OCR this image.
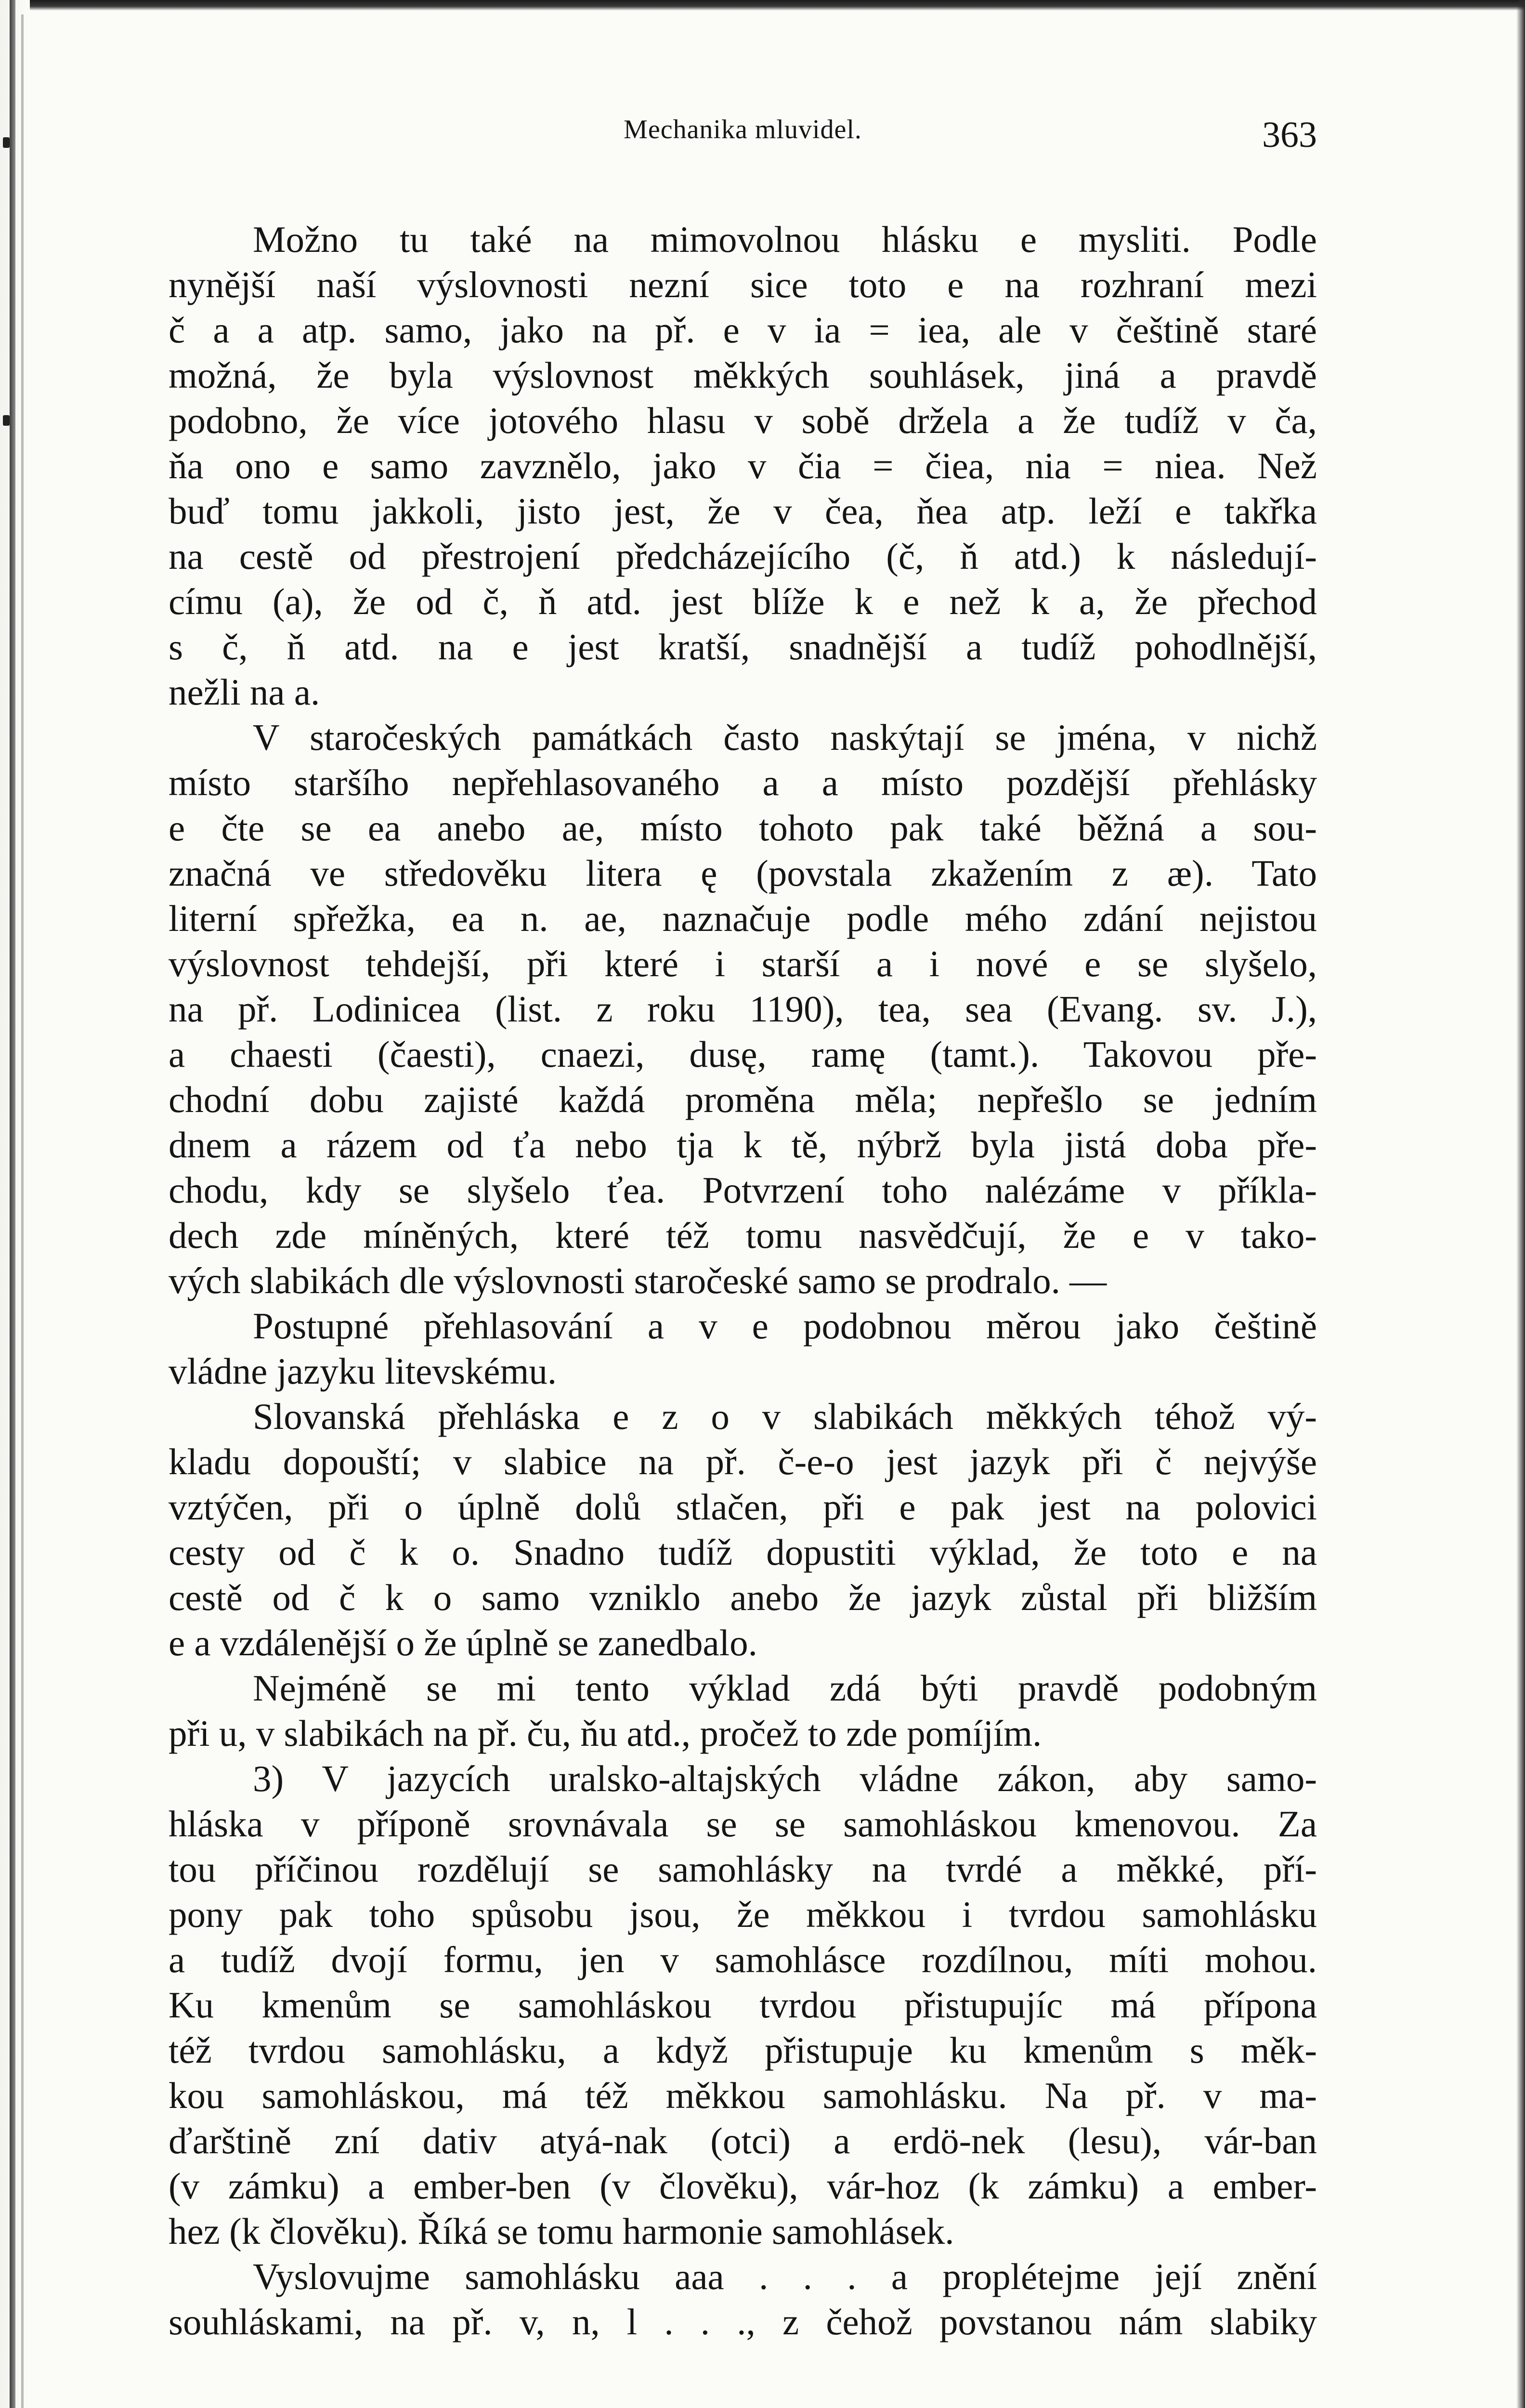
Mechanika mluvidel.	363
Možno tu také na mimovolnou hlásku e mysliti. Podle
nynější naší výslovnosti nezní sice toto e na rozhraní mezi
č a a atp. samo, jako na př. e v ia = iea, ale v češtině staré
možná, že byla výslovnost měkkých souhlásek, jiná a pravdě
podobno, že více jotového hlasu v sobě držela a že tudíž v ča,
ňa ono e samo zavznělo, jako v čia = čiea, nia = niea. Než
buď tomu jakkoli, jisto jest, že v čea, ňea atp. leží e takřka
na cestě od přestrojení předcházejícího (č, ň atd.) k následují-
címu (a), že od č, ň atd. jest blíže k e než k a, že přechod
s č, ň atd. na e jest kratší, snadnější a tudíž pohodlnější,
nežli na a.
V staročeských památkách často naskýtají se jména, v nichž
místo staršího nepřehlasovaného a a místo pozdější přehlásky
e čte se ea anebo ae, místo tohoto pak také běžná a sou-
značná ve středověku litera ę (povstala zkažením z æ). Tato
literní spřežka, ea n. ae, naznačuje podle mého zdání nejistou
výslovnost tehdejší, při které i starší a i nové e se slyšelo,
na př. Lodinicea (list. z roku 1190), tea, sea (Evang. sv. J.),
a chaesti (čaesti), cnaezi, dusę, ramę (tamt.). Takovou pře-
chodní dobu zajisté každá proměna měla; nepřešlo se jedním
dnem a rázem od ťa nebo tja k tě, nýbrž byla jistá doba pře-
chodu, kdy se slyšelo ťea. Potvrzení toho nalézáme v příkla-
dech zde míněných, které též tomu nasvědčují, že e v tako-
vých slabikách dle výslovnosti staročeské samo se prodralo. —
Postupné přehlasování a v e podobnou měrou jako češtině
vládne jazyku litevskému.
Slovanská přehláska e z o v slabikách měkkých téhož vý-
kladu dopouští; v slabice na př. č-e-o jest jazyk při č nejvýše
vztýčen, při o úplně dolů stlačen, při e pak jest na polovici
cesty od č k o. Snadno tudíž dopustiti výklad, že toto e na
cestě od č k o samo vzniklo anebo že jazyk zůstal při bližším
e a vzdálenější o že úplně se zanedbalo.
Nejméně se mi tento výklad zdá býti pravdě podobným
při u, v slabikách na př. ču, ňu atd., pročež to zde pomíjím.
3) V jazycích uralsko-altajských vládne zákon, aby samo-
hláska v příponě srovnávala se se samohláskou kmenovou. Za
tou příčinou rozdělují se samohlásky na tvrdé a měkké, pří-
pony pak toho spůsobu jsou, že měkkou i tvrdou samohlásku
a tudíž dvojí formu, jen v samohlásce rozdílnou, míti mohou.
Ku kmenům se samohláskou tvrdou přistupujíc má přípona
též tvrdou samohlásku, a když přistupuje ku kmenům s měk-
kou samohláskou, má též měkkou samohlásku. Na př. v ma-
ďarštině zní dativ atyá-nak (otci) a erdö-nek (lesu), vár-ban
(v zámku) a ember-ben (v člověku), vár-hoz (k zámku) a ember-
hez (k člověku). Říká se tomu harmonie samohlásek.
Vyslovujme samohlásku aaa . . . a proplétejme její znění
souhláskami, na př. v, n, l . . ., z čehož povstanou nám slabiky
